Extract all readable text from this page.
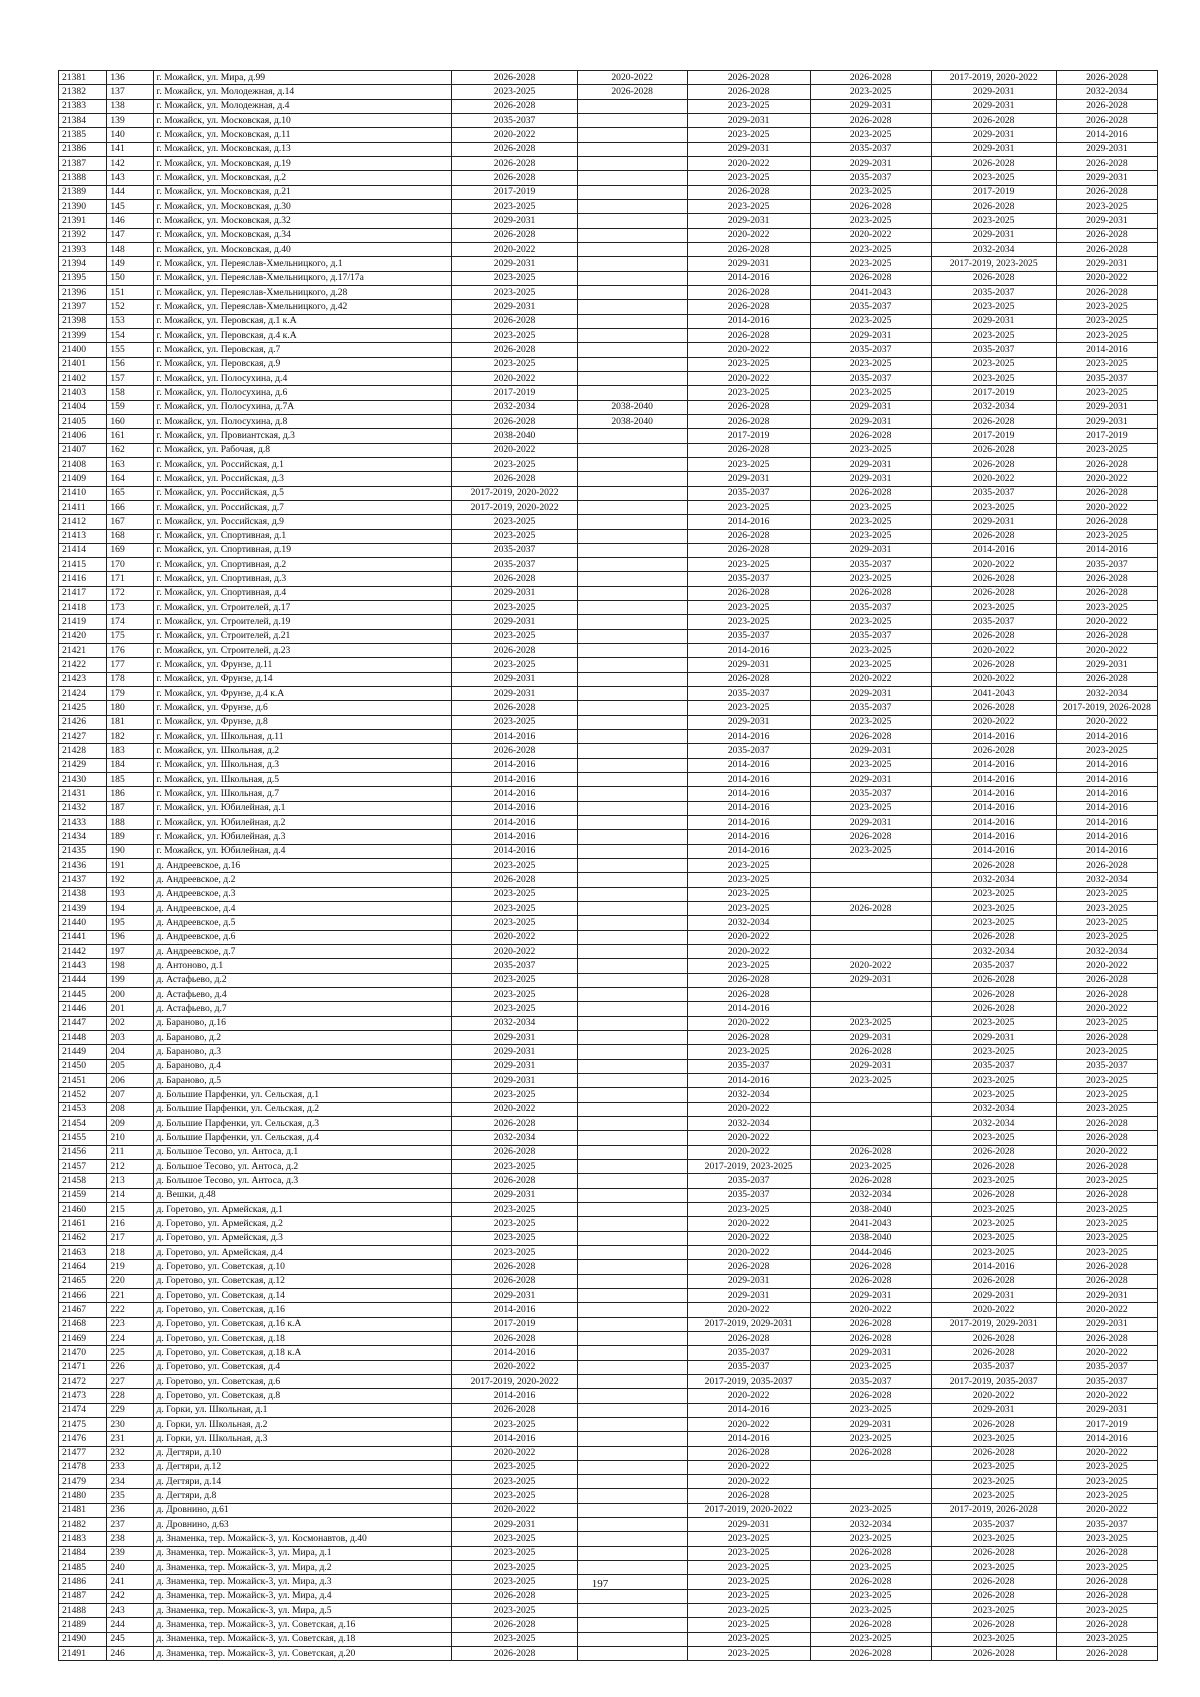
21381	136	г. Можайск, ул. Мира, д.99	2026-2028	2020-2022	2026-2028	2026-2028	2017-2019, 2020-2022	2026-2028
21382	137	г. Можайск, ул. Молодежная, д.14	2023-2025	2026-2028	2026-2028	2023-2025	2029-2031	2032-2034
21383	138	г. Можайск, ул. Молодежная, д.4	2026-2028		2023-2025	2029-2031	2029-2031	2026-2028
21384	139	г. Можайск, ул. Московская, д.10	2035-2037		2029-2031	2026-2028	2026-2028	2026-2028
21385	140	г. Можайск, ул. Московская, д.11	2020-2022		2023-2025	2023-2025	2029-2031	2014-2016
21386	141	г. Можайск, ул. Московская, д.13	2026-2028		2029-2031	2035-2037	2029-2031	2029-2031
21387	142	г. Можайск, ул. Московская, д.19	2026-2028		2020-2022	2029-2031	2026-2028	2026-2028
21388	143	г. Можайск, ул. Московская, д.2	2026-2028		2023-2025	2035-2037	2023-2025	2029-2031
21389	144	г. Можайск, ул. Московская, д.21	2017-2019		2026-2028	2023-2025	2017-2019	2026-2028
21390	145	г. Можайск, ул. Московская, д.30	2023-2025		2023-2025	2026-2028	2026-2028	2023-2025
21391	146	г. Можайск, ул. Московская, д.32	2029-2031		2029-2031	2023-2025	2023-2025	2029-2031
21392	147	г. Можайск, ул. Московская, д.34	2026-2028		2020-2022	2020-2022	2029-2031	2026-2028
21393	148	г. Можайск, ул. Московская, д.40	2020-2022		2026-2028	2023-2025	2032-2034	2026-2028
21394	149	г. Можайск, ул. Переяслав-Хмельницкого, д.1	2029-2031		2029-2031	2023-2025	2017-2019, 2023-2025	2029-2031
21395	150	г. Можайск, ул. Переяслав-Хмельницкого, д.17/17а	2023-2025		2014-2016	2026-2028	2026-2028	2020-2022
21396	151	г. Можайск, ул. Переяслав-Хмельницкого, д.28	2023-2025		2026-2028	2041-2043	2035-2037	2026-2028
21397	152	г. Можайск, ул. Переяслав-Хмельницкого, д.42	2029-2031		2026-2028	2035-2037	2023-2025	2023-2025
21398	153	г. Можайск, ул. Перовская, д.1 к.А	2026-2028		2014-2016	2023-2025	2029-2031	2023-2025
21399	154	г. Можайск, ул. Перовская, д.4 к.А	2023-2025		2026-2028	2029-2031	2023-2025	2023-2025
21400	155	г. Можайск, ул. Перовская, д.7	2026-2028		2020-2022	2035-2037	2035-2037	2014-2016
21401	156	г. Можайск, ул. Перовская, д.9	2023-2025		2023-2025	2023-2025	2023-2025	2023-2025
21402	157	г. Можайск, ул. Полосухина, д.4	2020-2022		2020-2022	2035-2037	2023-2025	2035-2037
21403	158	г. Можайск, ул. Полосухина, д.6	2017-2019		2023-2025	2023-2025	2017-2019	2023-2025
21404	159	г. Можайск, ул. Полосухина, д.7А	2032-2034	2038-2040	2026-2028	2029-2031	2032-2034	2029-2031
21405	160	г. Можайск, ул. Полосухина, д.8	2026-2028	2038-2040	2026-2028	2029-2031	2026-2028	2029-2031
21406	161	г. Можайск, ул. Провиантская, д.3	2038-2040		2017-2019	2026-2028	2017-2019	2017-2019
21407	162	г. Можайск, ул. Рабочая, д.8	2020-2022		2026-2028	2023-2025	2026-2028	2023-2025
21408	163	г. Можайск, ул. Российская, д.1	2023-2025		2023-2025	2029-2031	2026-2028	2026-2028
21409	164	г. Можайск, ул. Российская, д.3	2026-2028		2029-2031	2029-2031	2020-2022	2020-2022
21410	165	г. Можайск, ул. Российская, д.5	2017-2019, 2020-2022		2035-2037	2026-2028	2035-2037	2026-2028
21411	166	г. Можайск, ул. Российская, д.7	2017-2019, 2020-2022		2023-2025	2023-2025	2023-2025	2020-2022
21412	167	г. Можайск, ул. Российская, д.9	2023-2025		2014-2016	2023-2025	2029-2031	2026-2028
21413	168	г. Можайск, ул. Спортивная, д.1	2023-2025		2026-2028	2023-2025	2026-2028	2023-2025
21414	169	г. Можайск, ул. Спортивная, д.19	2035-2037		2026-2028	2029-2031	2014-2016	2014-2016
21415	170	г. Можайск, ул. Спортивная, д.2	2035-2037		2023-2025	2035-2037	2020-2022	2035-2037
21416	171	г. Можайск, ул. Спортивная, д.3	2026-2028		2035-2037	2023-2025	2026-2028	2026-2028
21417	172	г. Можайск, ул. Спортивная, д.4	2029-2031		2026-2028	2026-2028	2026-2028	2026-2028
21418	173	г. Можайск, ул. Строителей, д.17	2023-2025		2023-2025	2035-2037	2023-2025	2023-2025
21419	174	г. Можайск, ул. Строителей, д.19	2029-2031		2023-2025	2023-2025	2035-2037	2020-2022
21420	175	г. Можайск, ул. Строителей, д.21	2023-2025		2035-2037	2035-2037	2026-2028	2026-2028
21421	176	г. Можайск, ул. Строителей, д.23	2026-2028		2014-2016	2023-2025	2020-2022	2020-2022
21422	177	г. Можайск, ул. Фрунзе, д.11	2023-2025		2029-2031	2023-2025	2026-2028	2029-2031
21423	178	г. Можайск, ул. Фрунзе, д.14	2029-2031		2026-2028	2020-2022	2020-2022	2026-2028
21424	179	г. Можайск, ул. Фрунзе, д.4 к.А	2029-2031		2035-2037	2029-2031	2041-2043	2032-2034
21425	180	г. Можайск, ул. Фрунзе, д.6	2026-2028		2023-2025	2035-2037	2026-2028	2017-2019, 2026-2028
21426	181	г. Можайск, ул. Фрунзе, д.8	2023-2025		2029-2031	2023-2025	2020-2022	2020-2022
21427	182	г. Можайск, ул. Школьная, д.11	2014-2016		2014-2016	2026-2028	2014-2016	2014-2016
21428	183	г. Можайск, ул. Школьная, д.2	2026-2028		2035-2037	2029-2031	2026-2028	2023-2025
21429	184	г. Можайск, ул. Школьная, д.3	2014-2016		2014-2016	2023-2025	2014-2016	2014-2016
21430	185	г. Можайск, ул. Школьная, д.5	2014-2016		2014-2016	2029-2031	2014-2016	2014-2016
21431	186	г. Можайск, ул. Школьная, д.7	2014-2016		2014-2016	2035-2037	2014-2016	2014-2016
21432	187	г. Можайск, ул. Юбилейная, д.1	2014-2016		2014-2016	2023-2025	2014-2016	2014-2016
21433	188	г. Можайск, ул. Юбилейная, д.2	2014-2016		2014-2016	2029-2031	2014-2016	2014-2016
21434	189	г. Можайск, ул. Юбилейная, д.3	2014-2016		2014-2016	2026-2028	2014-2016	2014-2016
21435	190	г. Можайск, ул. Юбилейная, д.4	2014-2016		2014-2016	2023-2025	2014-2016	2014-2016
21436	191	д. Андреевское, д.16	2023-2025		2023-2025		2026-2028	2026-2028
21437	192	д. Андреевское, д.2	2026-2028		2023-2025		2032-2034	2032-2034
21438	193	д. Андреевское, д.3	2023-2025		2023-2025		2023-2025	2023-2025
21439	194	д. Андреевское, д.4	2023-2025		2023-2025	2026-2028	2023-2025	2023-2025
21440	195	д. Андреевское, д.5	2023-2025		2032-2034		2023-2025	2023-2025
21441	196	д. Андреевское, д.6	2020-2022		2020-2022		2026-2028	2023-2025
21442	197	д. Андреевское, д.7	2020-2022		2020-2022		2032-2034	2032-2034
21443	198	д. Антоново, д.1	2035-2037		2023-2025	2020-2022	2035-2037	2020-2022
21444	199	д. Астафьево, д.2	2023-2025		2026-2028	2029-2031	2026-2028	2026-2028
21445	200	д. Астафьево, д.4	2023-2025		2026-2028		2026-2028	2026-2028
21446	201	д. Астафьево, д.7	2023-2025		2014-2016		2026-2028	2020-2022
21447	202	д. Бараново, д.16	2032-2034		2020-2022	2023-2025	2023-2025	2023-2025
21448	203	д. Бараново, д.2	2029-2031		2026-2028	2029-2031	2029-2031	2026-2028
21449	204	д. Бараново, д.3	2029-2031		2023-2025	2026-2028	2023-2025	2023-2025
21450	205	д. Бараново, д.4	2029-2031		2035-2037	2029-2031	2035-2037	2035-2037
21451	206	д. Бараново, д.5	2029-2031		2014-2016	2023-2025	2023-2025	2023-2025
21452	207	д. Большие Парфенки, ул. Сельская, д.1	2023-2025		2032-2034		2023-2025	2023-2025
21453	208	д. Большие Парфенки, ул. Сельская, д.2	2020-2022		2020-2022		2032-2034	2023-2025
21454	209	д. Большие Парфенки, ул. Сельская, д.3	2026-2028		2032-2034		2032-2034	2026-2028
21455	210	д. Большие Парфенки, ул. Сельская, д.4	2032-2034		2020-2022		2023-2025	2026-2028
21456	211	д. Большое Тесово, ул. Антоса, д.1	2026-2028		2020-2022	2026-2028	2026-2028	2020-2022
21457	212	д. Большое Тесово, ул. Антоса, д.2	2023-2025		2017-2019, 2023-2025	2023-2025	2026-2028	2026-2028
21458	213	д. Большое Тесово, ул. Антоса, д.3	2026-2028		2035-2037	2026-2028	2023-2025	2023-2025
21459	214	д. Вешки, д.48	2029-2031		2035-2037	2032-2034	2026-2028	2026-2028
21460	215	д. Горетово, ул. Армейская, д.1	2023-2025		2023-2025	2038-2040	2023-2025	2023-2025
21461	216	д. Горетово, ул. Армейская, д.2	2023-2025		2020-2022	2041-2043	2023-2025	2023-2025
21462	217	д. Горетово, ул. Армейская, д.3	2023-2025		2020-2022	2038-2040	2023-2025	2023-2025
21463	218	д. Горетово, ул. Армейская, д.4	2023-2025		2020-2022	2044-2046	2023-2025	2023-2025
21464	219	д. Горетово, ул. Советская, д.10	2026-2028		2026-2028	2026-2028	2014-2016	2026-2028
21465	220	д. Горетово, ул. Советская, д.12	2026-2028		2029-2031	2026-2028	2026-2028	2026-2028
21466	221	д. Горетово, ул. Советская, д.14	2029-2031		2029-2031	2029-2031	2029-2031	2029-2031
21467	222	д. Горетово, ул. Советская, д.16	2014-2016		2020-2022	2020-2022	2020-2022	2020-2022
21468	223	д. Горетово, ул. Советская, д.16 к.А	2017-2019		2017-2019, 2029-2031	2026-2028	2017-2019, 2029-2031	2029-2031
21469	224	д. Горетово, ул. Советская, д.18	2026-2028		2026-2028	2026-2028	2026-2028	2026-2028
21470	225	д. Горетово, ул. Советская, д.18 к.А	2014-2016		2035-2037	2029-2031	2026-2028	2020-2022
21471	226	д. Горетово, ул. Советская, д.4	2020-2022		2035-2037	2023-2025	2035-2037	2035-2037
21472	227	д. Горетово, ул. Советская, д.6	2017-2019, 2020-2022		2017-2019, 2035-2037	2035-2037	2017-2019, 2035-2037	2035-2037
21473	228	д. Горетово, ул. Советская, д.8	2014-2016		2020-2022	2026-2028	2020-2022	2020-2022
21474	229	д. Горки, ул. Школьная, д.1	2026-2028		2014-2016	2023-2025	2029-2031	2029-2031
21475	230	д. Горки, ул. Школьная, д.2	2023-2025		2020-2022	2029-2031	2026-2028	2017-2019
21476	231	д. Горки, ул. Школьная, д.3	2014-2016		2014-2016	2023-2025	2023-2025	2014-2016
21477	232	д. Дегтяри, д.10	2020-2022		2026-2028	2026-2028	2026-2028	2020-2022
21478	233	д. Дегтяри, д.12	2023-2025		2020-2022		2023-2025	2023-2025
21479	234	д. Дегтяри, д.14	2023-2025		2020-2022		2023-2025	2023-2025
21480	235	д. Дегтяри, д.8	2023-2025		2026-2028		2023-2025	2023-2025
21481	236	д. Дровнино, д.61	2020-2022		2017-2019, 2020-2022	2023-2025	2017-2019, 2026-2028	2020-2022
21482	237	д. Дровнино, д.63	2029-2031		2029-2031	2032-2034	2035-2037	2035-2037
21483	238	д. Знаменка, тер. Можайск-3, ул. Космонавтов, д.40	2023-2025		2023-2025	2023-2025	2023-2025	2023-2025
21484	239	д. Знаменка, тер. Можайск-3, ул. Мира, д.1	2023-2025		2023-2025	2026-2028	2026-2028	2026-2028
21485	240	д. Знаменка, тер. Можайск-3, ул. Мира, д.2	2023-2025		2023-2025	2023-2025	2023-2025	2023-2025
21486	241	д. Знаменка, тер. Можайск-3, ул. Мира, д.3	2023-2025		2023-2025	2026-2028	2026-2028	2026-2028
21487	242	д. Знаменка, тер. Можайск-3, ул. Мира, д.4	2026-2028		2023-2025	2023-2025	2026-2028	2026-2028
21488	243	д. Знаменка, тер. Можайск-3, ул. Мира, д.5	2023-2025		2023-2025	2023-2025	2023-2025	2023-2025
21489	244	д. Знаменка, тер. Можайск-3, ул. Советская, д.16	2026-2028		2023-2025	2026-2028	2026-2028	2026-2028
21490	245	д. Знаменка, тер. Можайск-3, ул. Советская, д.18	2023-2025		2023-2025	2023-2025	2023-2025	2023-2025
21491	246	д. Знаменка, тер. Можайск-3, ул. Советская, д.20	2026-2028		2023-2025	2026-2028	2026-2028	2026-2028
197
